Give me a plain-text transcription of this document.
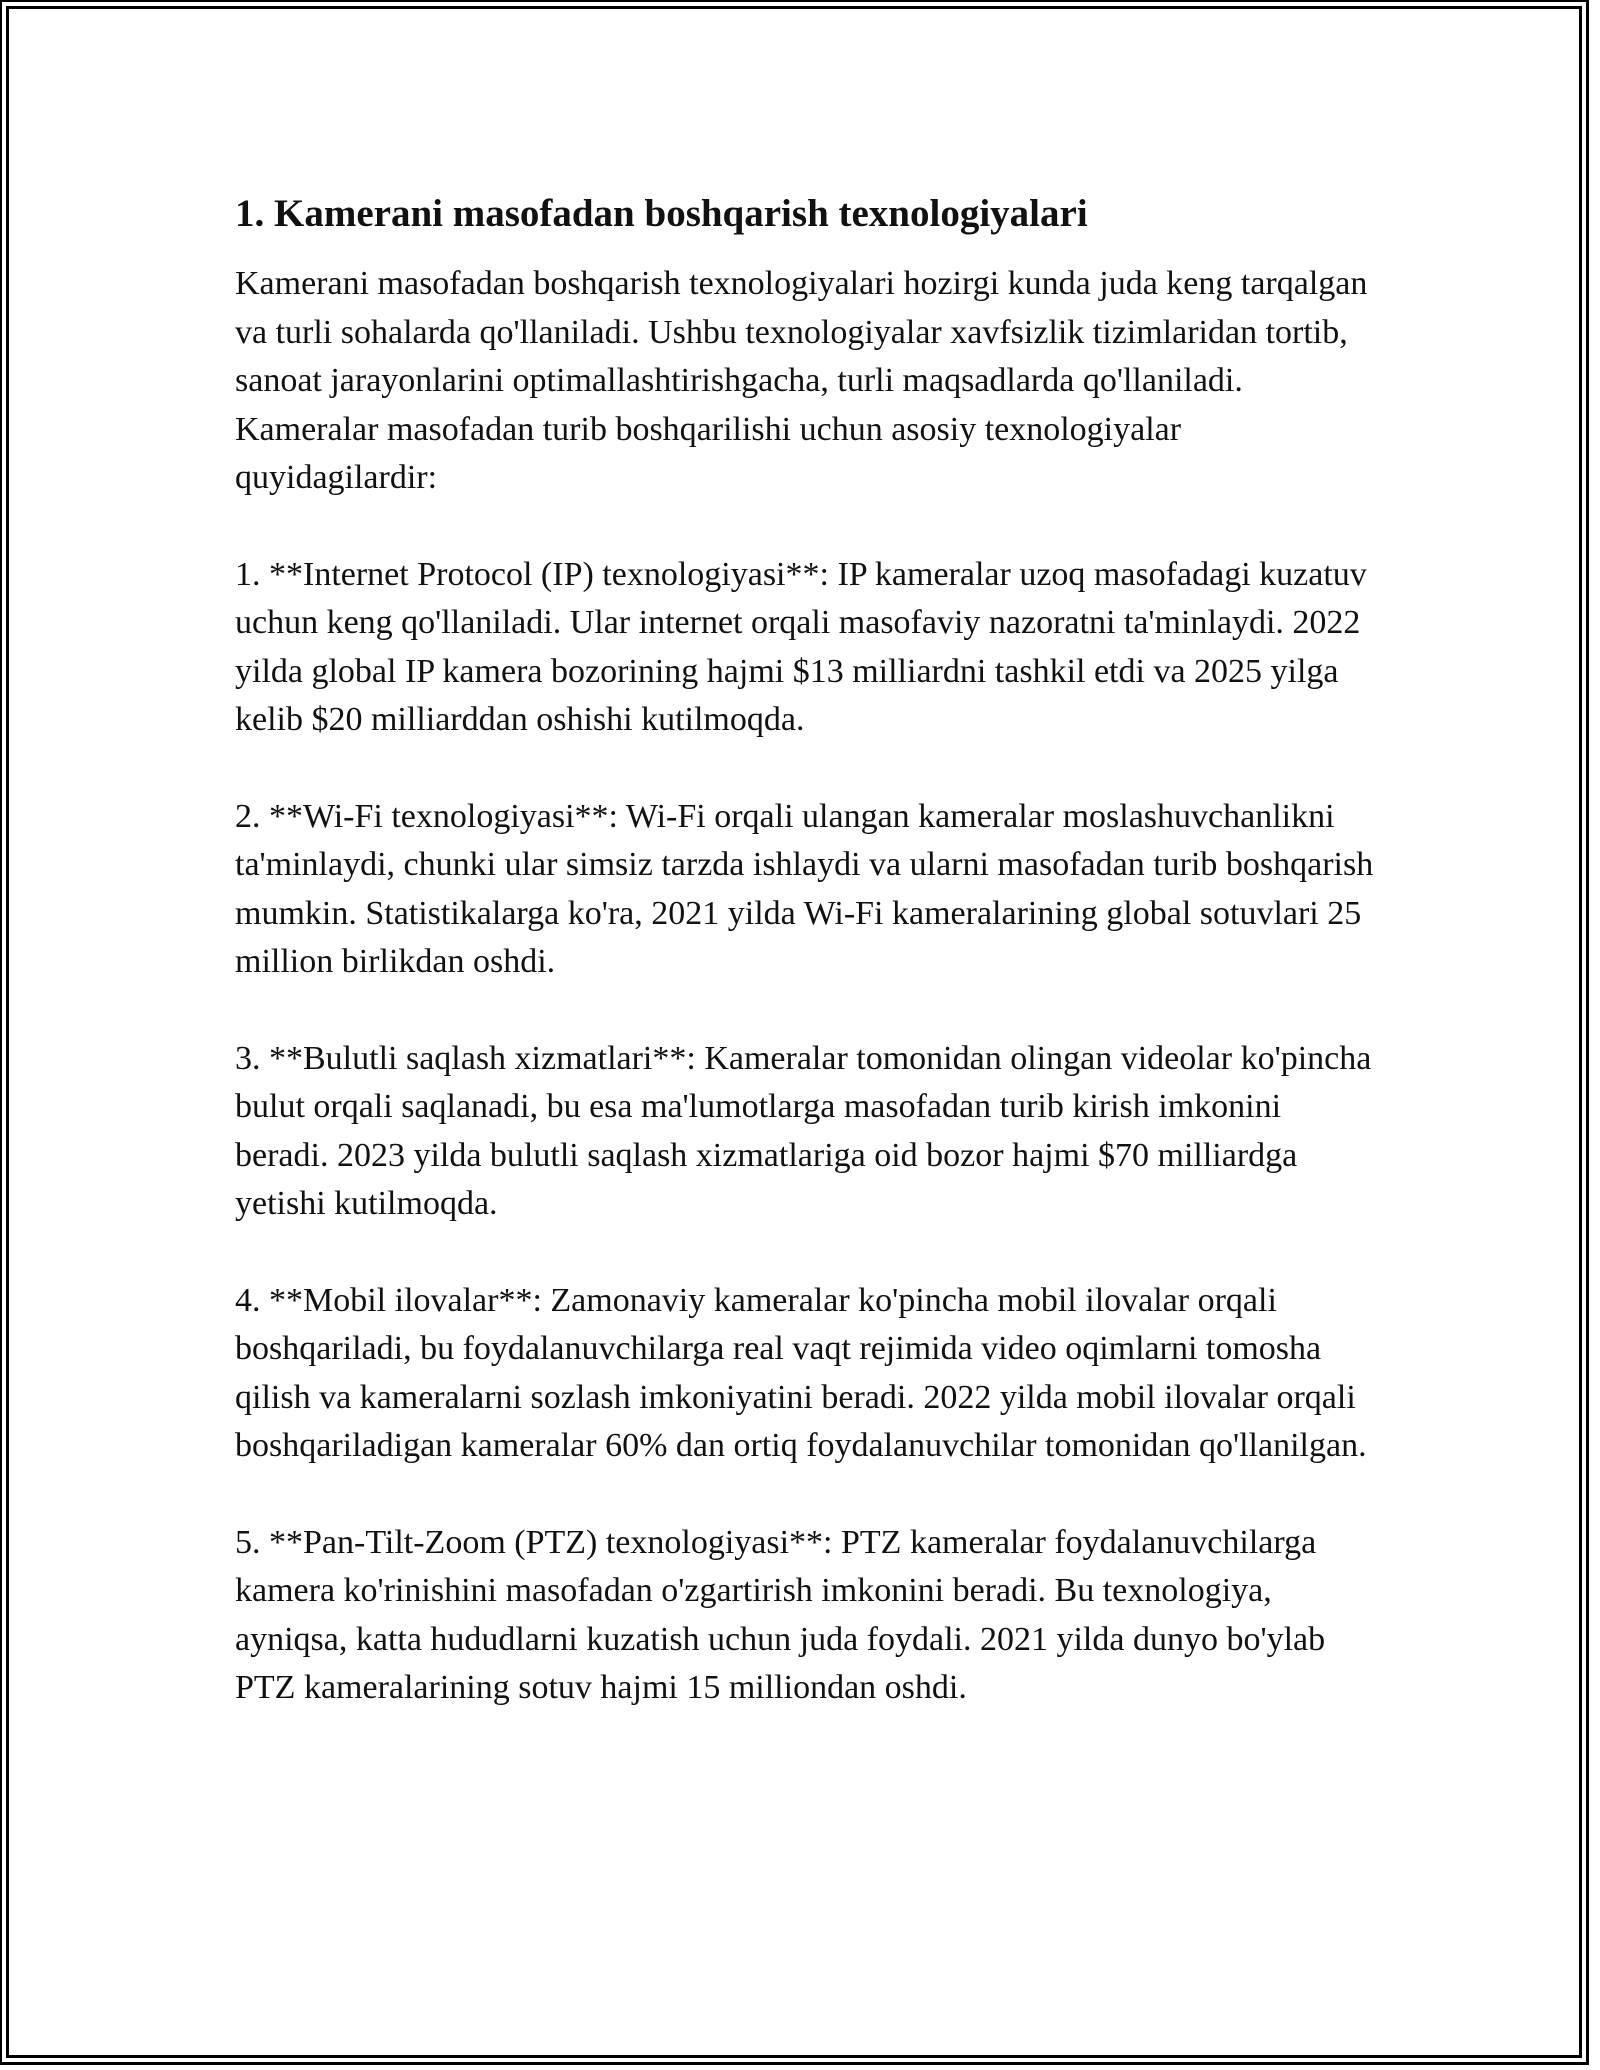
1. Kamerani masofadan boshqarish texnologiyalari

Kamerani masofadan boshqarish texnologiyalari hozirgi kunda juda keng tarqalgan va turli sohalarda qo'llaniladi. Ushbu texnologiyalar xavfsizlik tizimlaridan tortib, sanoat jarayonlarini optimallashtirishgacha, turli maqsadlarda qo'llaniladi. Kameralar masofadan turib boshqarilishi uchun asosiy texnologiyalar quyidagilardir:

1. **Internet Protocol (IP) texnologiyasi**: IP kameralar uzoq masofadagi kuzatuv uchun keng qo'llaniladi. Ular internet orqali masofaviy nazoratni ta'minlaydi. 2022 yilda global IP kamera bozorining hajmi $13 milliardni tashkil etdi va 2025 yilga kelib $20 milliarddan oshishi kutilmoqda.

2. **Wi-Fi texnologiyasi**: Wi-Fi orqali ulangan kameralar moslashuvchanlikni ta'minlaydi, chunki ular simsiz tarzda ishlaydi va ularni masofadan turib boshqarish mumkin. Statistikalarga ko'ra, 2021 yilda Wi-Fi kameralarining global sotuvlari 25 million birlikdan oshdi.

3. **Bulutli saqlash xizmatlari**: Kameralar tomonidan olingan videolar ko'pincha bulut orqali saqlanadi, bu esa ma'lumotlarga masofadan turib kirish imkonini beradi. 2023 yilda bulutli saqlash xizmatlariga oid bozor hajmi $70 milliardga yetishi kutilmoqda.

4. **Mobil ilovalar**: Zamonaviy kameralar ko'pincha mobil ilovalar orqali boshqariladi, bu foydalanuvchilarga real vaqt rejimida video oqimlarni tomosha qilish va kameralarni sozlash imkoniyatini beradi. 2022 yilda mobil ilovalar orqali boshqariladigan kameralar 60% dan ortiq foydalanuvchilar tomonidan qo'llanilgan.

5. **Pan-Tilt-Zoom (PTZ) texnologiyasi**: PTZ kameralar foydalanuvchilarga kamera ko'rinishini masofadan o'zgartirish imkonini beradi. Bu texnologiya, ayniqsa, katta hududlarni kuzatish uchun juda foydali. 2021 yilda dunyo bo'ylab PTZ kameralarining sotuv hajmi 15 milliondan oshdi.
